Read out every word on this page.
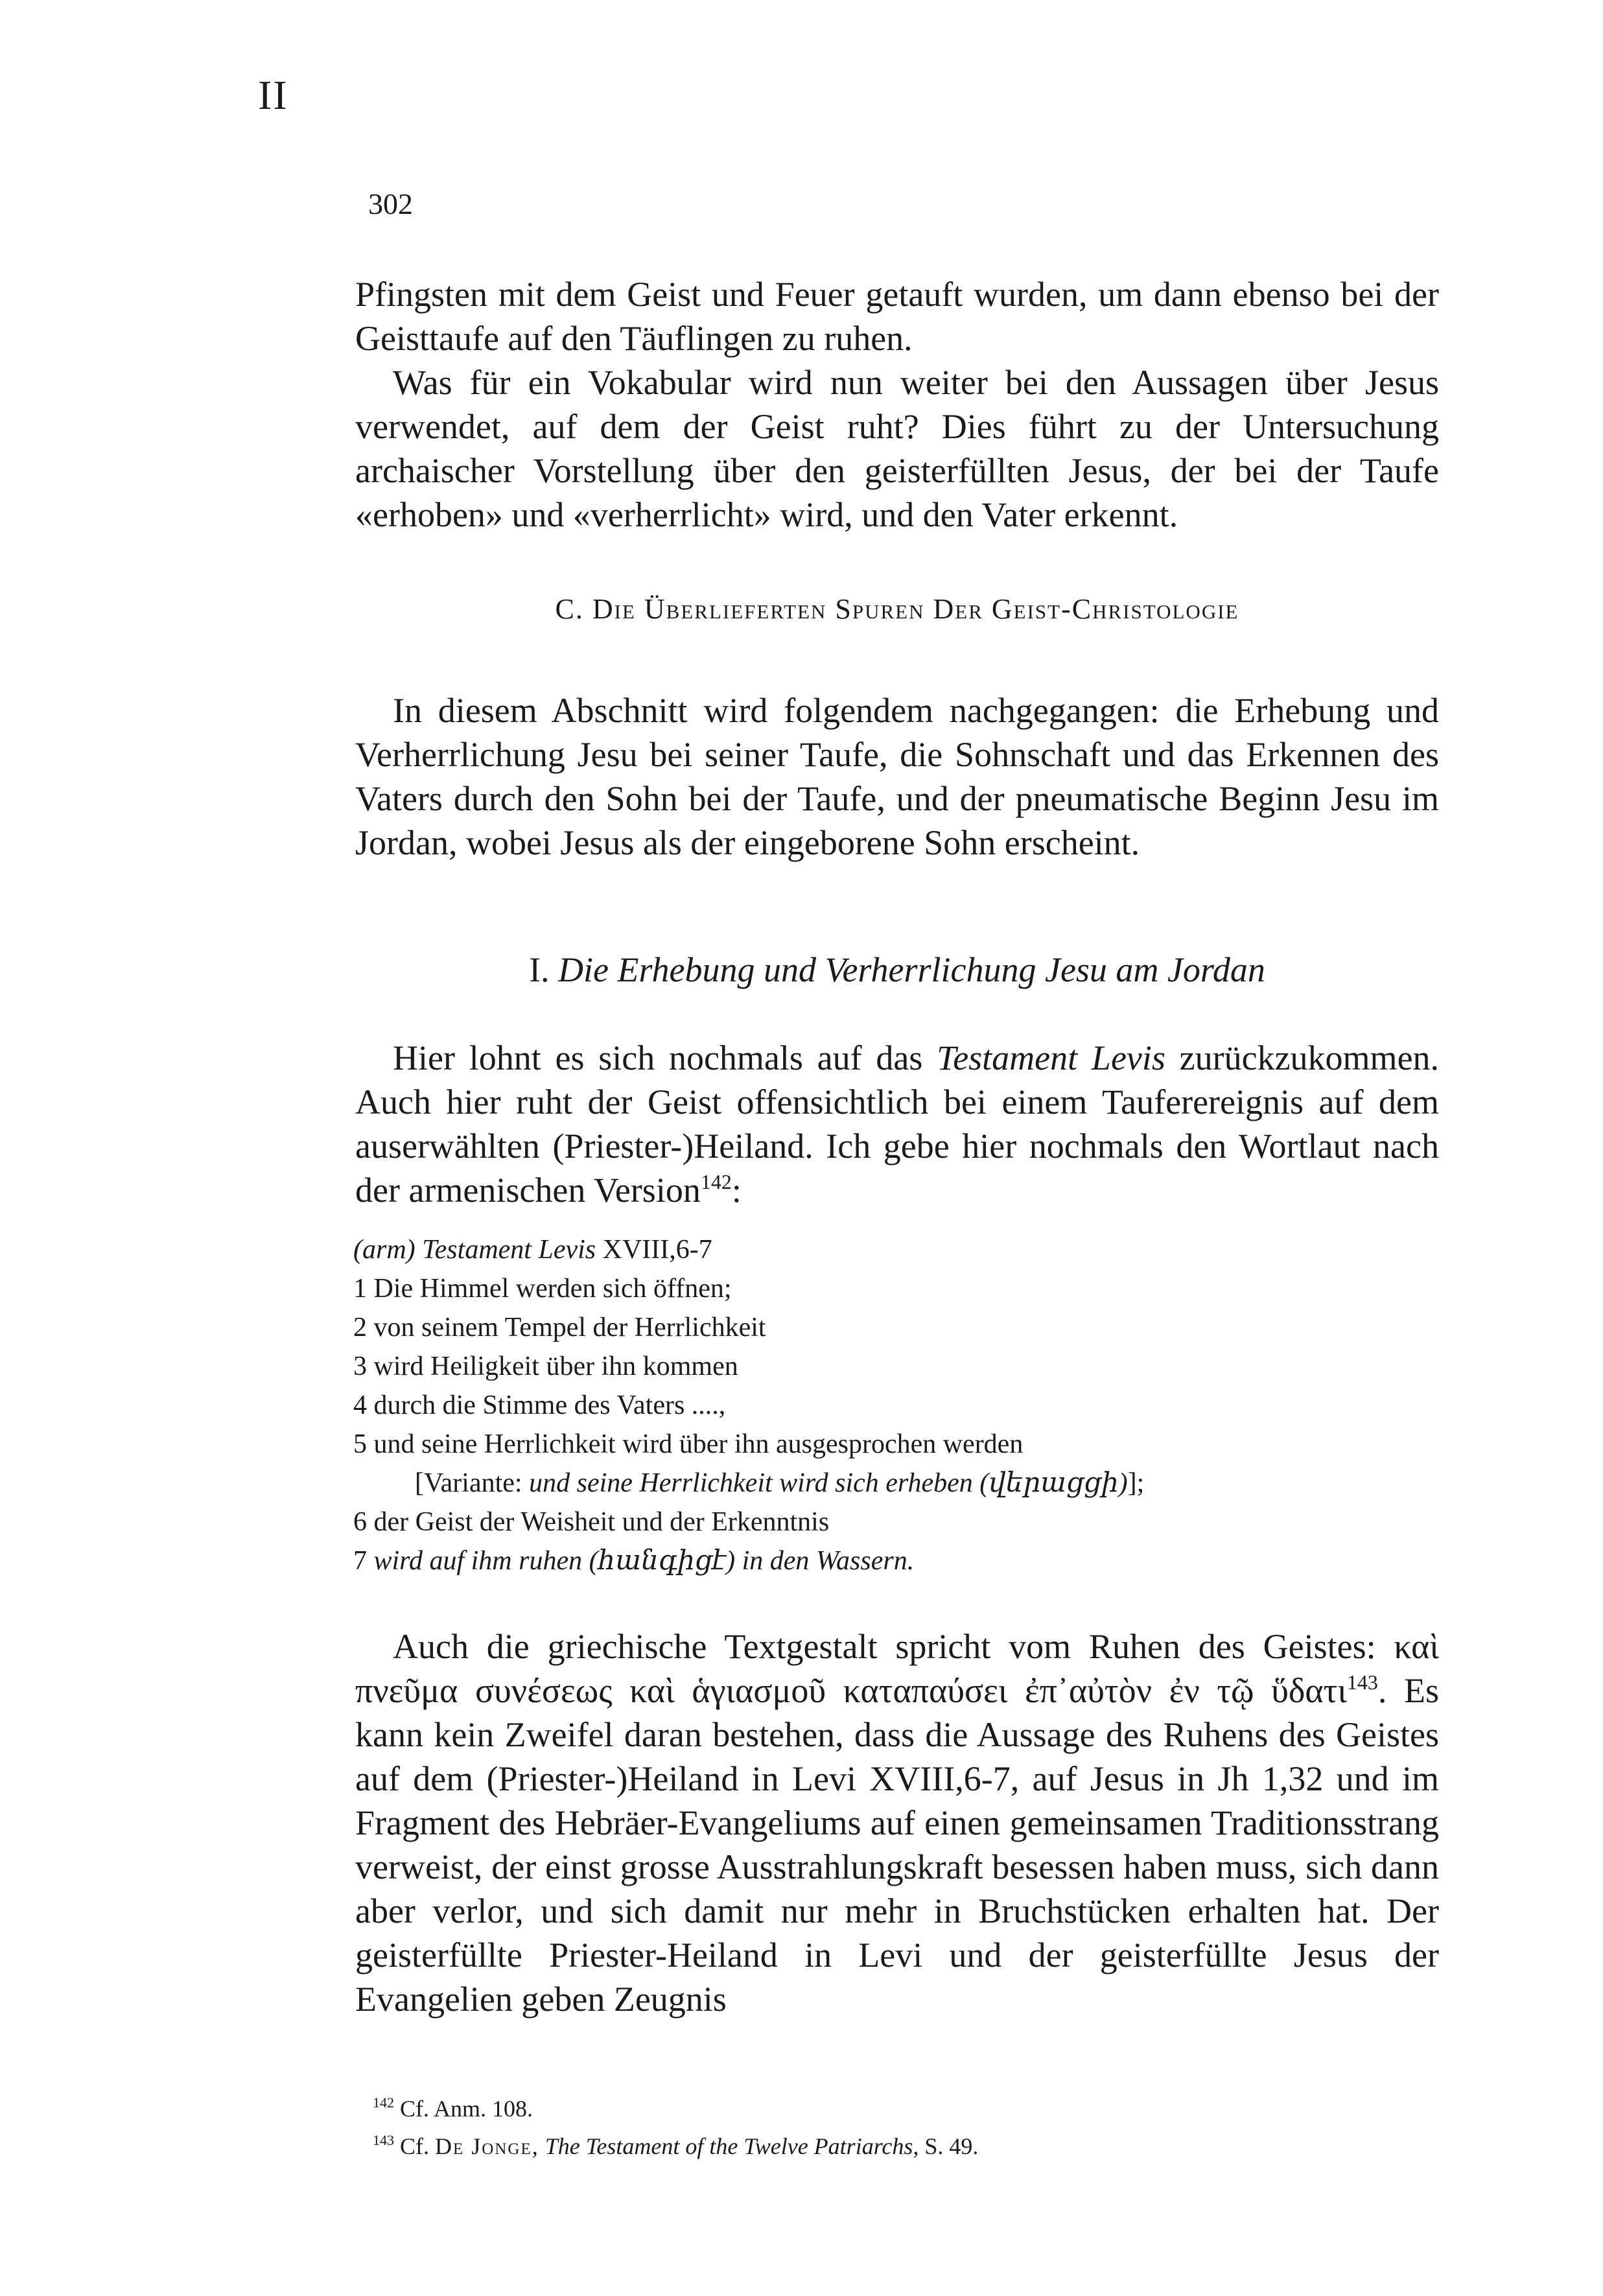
II
302

Pfingsten mit dem Geist und Feuer getauft wurden, um dann ebenso bei der Geisttaufe auf den Täuflingen zu ruhen.

Was für ein Vokabular wird nun weiter bei den Aussagen über Jesus verwendet, auf dem der Geist ruht? Dies führt zu der Untersuchung archaischer Vorstellung über den geisterfüllten Jesus, der bei der Taufe «erhoben» und «verherrlicht» wird, und den Vater erkennt.

C. Die Überlieferten Spuren Der Geist-Christologie

In diesem Abschnitt wird folgendem nachgegangen: die Erhebung und Verherrlichung Jesu bei seiner Taufe, die Sohnschaft und das Erkennen des Vaters durch den Sohn bei der Taufe, und der pneumatische Beginn Jesu im Jordan, wobei Jesus als der eingeborene Sohn erscheint.

I. Die Erhebung und Verherrlichung Jesu am Jordan

Hier lohnt es sich nochmals auf das Testament Levis zurückzukommen. Auch hier ruht der Geist offensichtlich bei einem Tauferereignis auf dem auserwählten (Priester-)Heiland. Ich gebe hier nochmals den Wortlaut nach der armenischen Version$^{142}$:

(arm) Testament Levis XVIII,6-7
1 Die Himmel werden sich öffnen;
2 von seinem Tempel der Herrlichkeit
3 wird Heiligkeit über ihn kommen
4 durch die Stimme des Vaters ....,
5 und seine Herrlichkeit wird über ihn ausgesprochen werden
[Variante: und seine Herrlichkeit wird sich erheben (վերացցի)];
6 der Geist der Weisheit und der Erkenntnis
7 wird auf ihm ruhen (հանգիցէ) in den Wassern.

Auch die griechische Textgestalt spricht vom Ruhen des Geistes: καὶ πνεῦμα συνέσεως καὶ ἁγιασμοῦ καταπαύσει ἐπ᾽αὐτὸν ἐν τῷ ὕδατι$^{143}$. Es kann kein Zweifel daran bestehen, dass die Aussage des Ruhens des Geistes auf dem (Priester-)Heiland in Levi XVIII,6-7, auf Jesus in Jh 1,32 und im Fragment des Hebräer-Evangeliums auf einen gemeinsamen Traditionsstrang verweist, der einst grosse Ausstrahlungskraft besessen haben muss, sich dann aber verlor, und sich damit nur mehr in Bruchstücken erhalten hat. Der geisterfüllte Priester-Heiland in Levi und der geisterfüllte Jesus der Evangelien geben Zeugnis

$^{142}$ Cf. Anm. 108.
$^{143}$ Cf. De Jonge, The Testament of the Twelve Patriarchs, S. 49.
